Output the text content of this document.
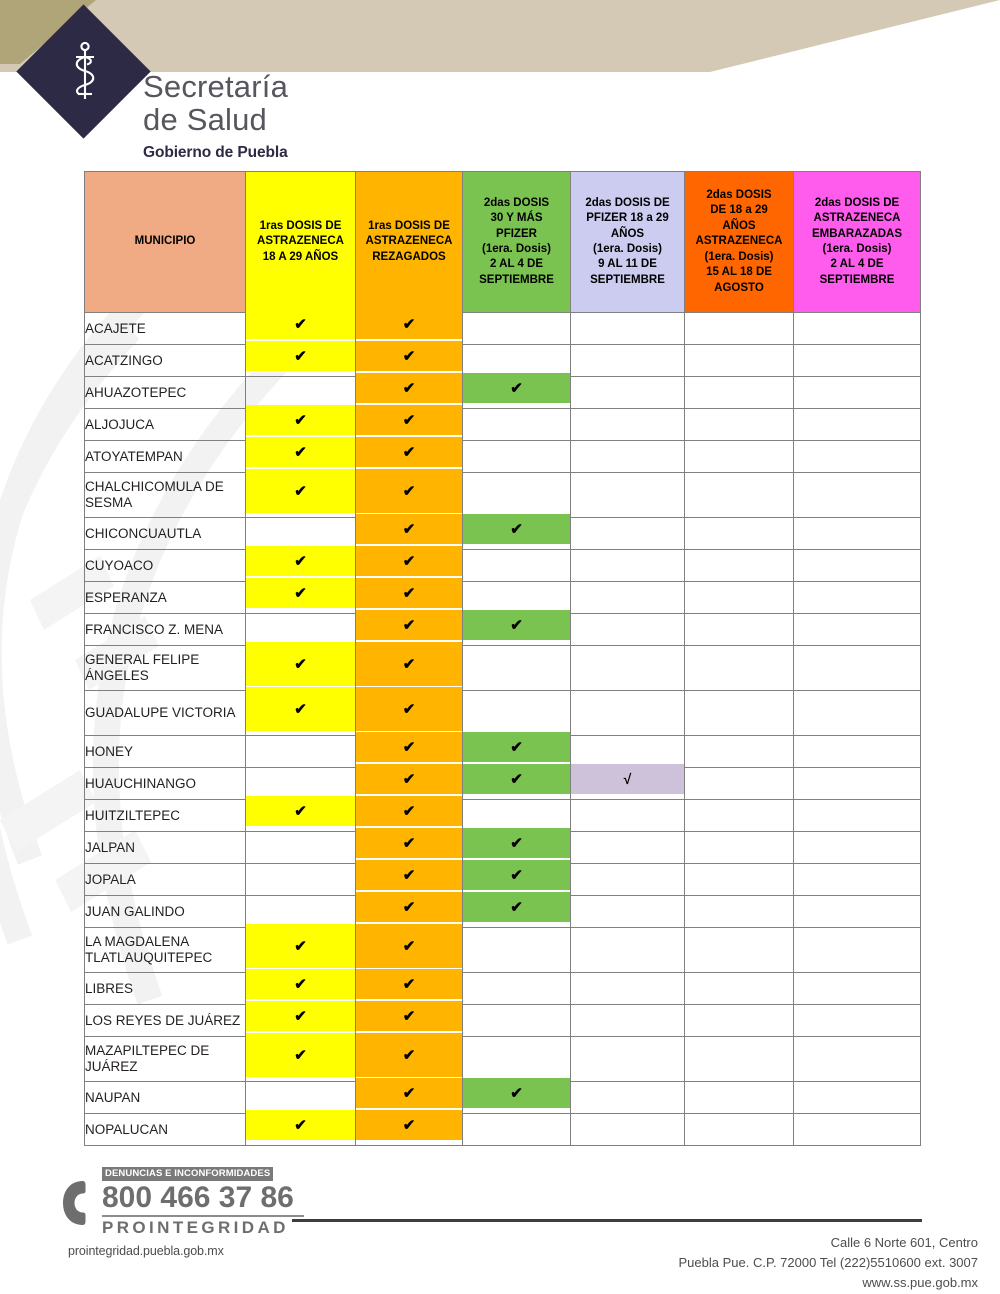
Secretaría
de Salud
Gobierno de Puebla
MUNICIPIO

1ras DOSIS DE
ASTRAZENECA
18 A 29 AÑOS

1ras DOSIS DE
ASTRAZENECA
REZAGADOS

2das DOSIS
30 Y MÁS
PFIZER
(1era. Dosis)
2 AL 4 DE
SEPTIEMBRE

2das DOSIS DE
PFIZER 18 a 29
AÑOS
(1era. Dosis)
9 AL 11 DE
SEPTIEMBRE

2das DOSIS
DE 18 a 29
AÑOS
ASTRAZENECA
(1era. Dosis)
15 AL 18 DE
AGOSTO

2das DOSIS DE
ASTRAZENECA
EMBARAZADAS
(1era. Dosis)
2 AL 4 DE
SEPTIEMBRE

ACAJETE	✔	✔				

ACATZINGO	✔	✔				

AHUAZOTEPEC		✔	✔			

ALJOJUCA	✔	✔				

ATOYATEMPAN	✔	✔				

CHALCHICOMULA DE SESMA	✔	✔				

CHICONCUAUTLA		✔	✔			

CUYOACO	✔	✔				

ESPERANZA	✔	✔				

FRANCISCO Z. MENA		✔	✔			

GENERAL FELIPE ÁNGELES	✔	✔				

GUADALUPE VICTORIA	✔	✔				

HONEY		✔	✔			

HUAUCHINANGO		✔	✔	√		

HUITZILTEPEC	✔	✔				

JALPAN		✔	✔			

JOPALA		✔	✔			

JUAN GALINDO		✔	✔			

LA MAGDALENA TLATLAUQUITEPEC	✔	✔				

LIBRES	✔	✔				

LOS REYES DE JUÁREZ	✔	✔				

MAZAPILTEPEC DE JUÁREZ	✔	✔				

NAUPAN		✔	✔			

NOPALUCAN	✔	✔				

DENUNCIAS E INCONFORMIDADES
800 466 37 86
PROINTEGRIDAD
prointegridad.puebla.gob.mx
Calle 6 Norte 601, Centro
Puebla Pue. C.P. 72000 Tel (222)5510600 ext. 3007
www.ss.pue.gob.mx
